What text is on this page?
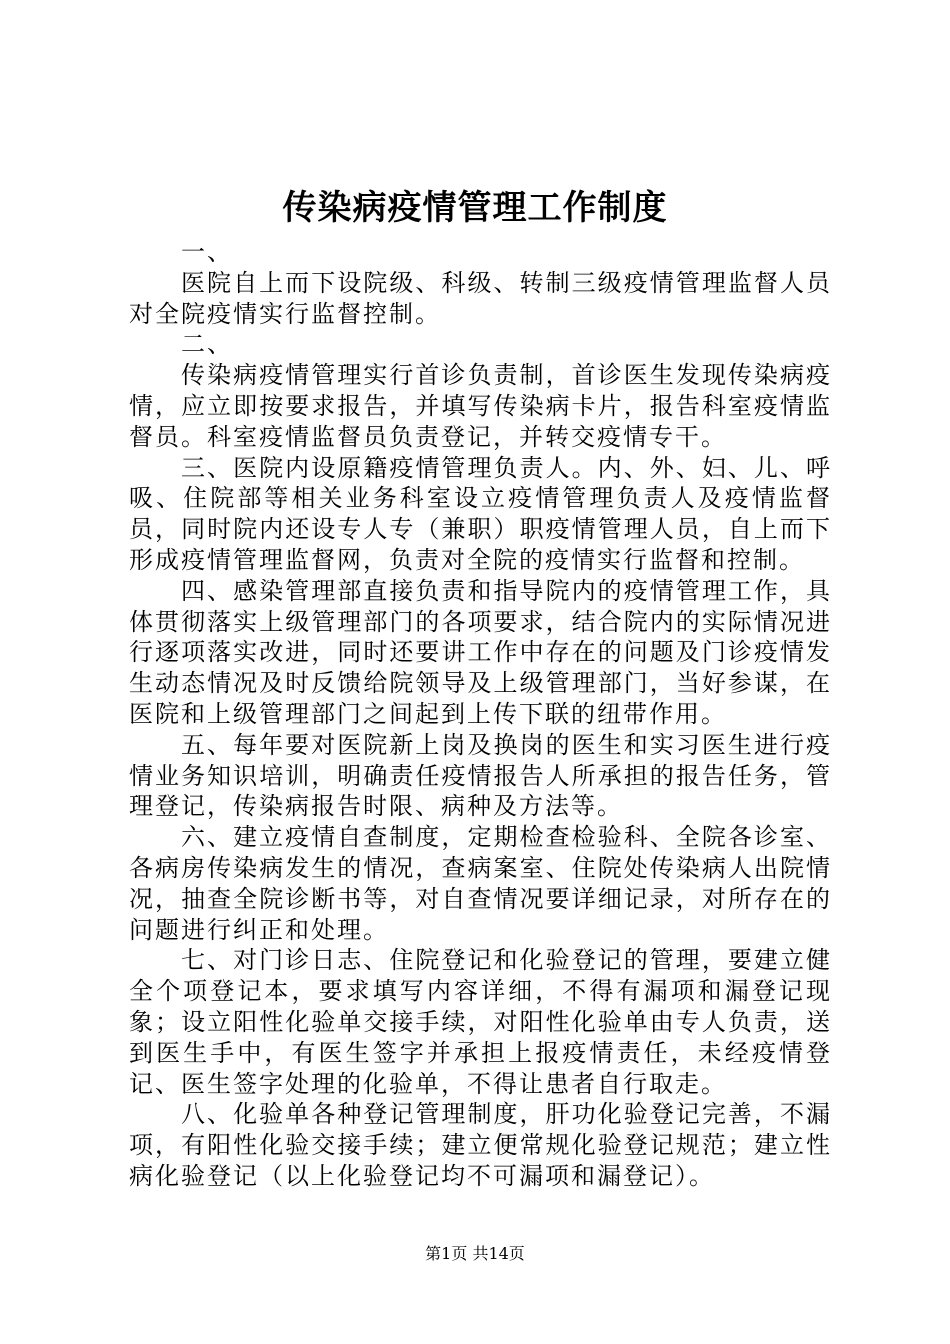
传染病疫情管理工作制度

一、

医院自上而下设院级、科级、转制三级疫情管理监督人员对全院疫情实行监督控制。

二、

传染病疫情管理实行首诊负责制，首诊医生发现传染病疫情，应立即按要求报告，并填写传染病卡片，报告科室疫情监督员。科室疫情监督员负责登记，并转交疫情专干。

三、医院内设原籍疫情管理负责人。内、外、妇、儿、呼吸、住院部等相关业务科室设立疫情管理负责人及疫情监督员，同时院内还设专人专（兼职）职疫情管理人员，自上而下形成疫情管理监督网，负责对全院的疫情实行监督和控制。

四、感染管理部直接负责和指导院内的疫情管理工作，具体贯彻落实上级管理部门的各项要求，结合院内的实际情况进行逐项落实改进，同时还要讲工作中存在的问题及门诊疫情发生动态情况及时反馈给院领导及上级管理部门，当好参谋，在医院和上级管理部门之间起到上传下联的纽带作用。

五、每年要对医院新上岗及换岗的医生和实习医生进行疫情业务知识培训，明确责任疫情报告人所承担的报告任务，管理登记，传染病报告时限、病种及方法等。

六、建立疫情自查制度，定期检查检验科、全院各诊室、各病房传染病发生的情况，查病案室、住院处传染病人出院情况，抽查全院诊断书等，对自查情况要详细记录，对所存在的问题进行纠正和处理。

七、对门诊日志、住院登记和化验登记的管理，要建立健全个项登记本，要求填写内容详细，不得有漏项和漏登记现象；设立阳性化验单交接手续，对阳性化验单由专人负责，送到医生手中，有医生签字并承担上报疫情责任，未经疫情登记、医生签字处理的化验单，不得让患者自行取走。

八、化验单各种登记管理制度，肝功化验登记完善，不漏项，有阳性化验交接手续；建立便常规化验登记规范；建立性病化验登记（以上化验登记均不可漏项和漏登记）。

第1页 共14页
